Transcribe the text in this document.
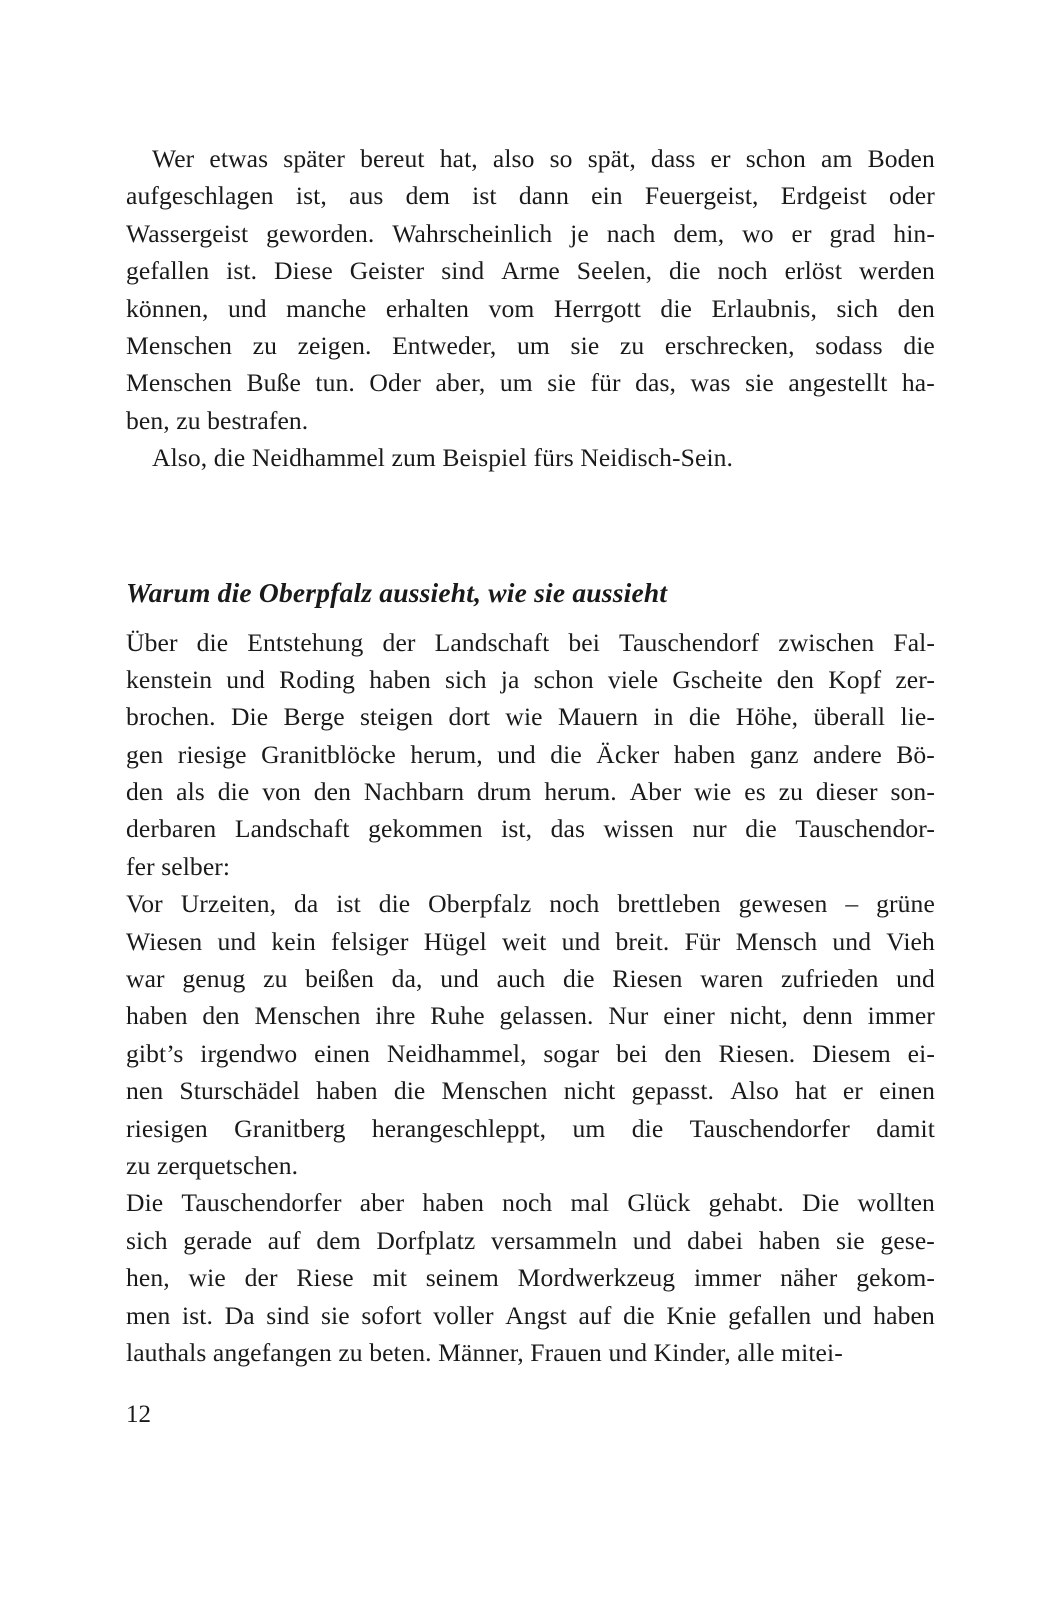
Wer etwas später bereut hat, also so spät, dass er schon am Boden
aufgeschlagen ist, aus dem ist dann ein Feuergeist, Erdgeist oder
Wassergeist geworden. Wahrscheinlich je nach dem, wo er grad hin-
gefallen ist. Diese Geister sind Arme Seelen, die noch erlöst werden
können, und manche erhalten vom Herrgott die Erlaubnis, sich den
Menschen zu zeigen. Entweder, um sie zu erschrecken, sodass die
Menschen Buße tun. Oder aber, um sie für das, was sie angestellt ha-
ben, zu bestrafen.
Also, die Neidhammel zum Beispiel fürs Neidisch-Sein.
Warum die Oberpfalz aussieht, wie sie aussieht
Über die Entstehung der Landschaft bei Tauschendorf zwischen Fal-
kenstein und Roding haben sich ja schon viele Gscheite den Kopf zer-
brochen. Die Berge steigen dort wie Mauern in die Höhe, überall lie-
gen riesige Granitblöcke herum, und die Äcker haben ganz andere Bö-
den als die von den Nachbarn drum herum. Aber wie es zu dieser son-
derbaren Landschaft gekommen ist, das wissen nur die Tauschendor-
fer selber:
Vor Urzeiten, da ist die Oberpfalz noch brettleben gewesen – grüne
Wiesen und kein felsiger Hügel weit und breit. Für Mensch und Vieh
war genug zu beißen da, und auch die Riesen waren zufrieden und
haben den Menschen ihre Ruhe gelassen. Nur einer nicht, denn immer
gibt’s irgendwo einen Neidhammel, sogar bei den Riesen. Diesem ei-
nen Sturschädel haben die Menschen nicht gepasst. Also hat er einen
riesigen Granitberg herangeschleppt, um die Tauschendorfer damit
zu zerquetschen.
Die Tauschendorfer aber haben noch mal Glück gehabt. Die wollten
sich gerade auf dem Dorfplatz versammeln und dabei haben sie gese-
hen, wie der Riese mit seinem Mordwerkzeug immer näher gekom-
men ist. Da sind sie sofort voller Angst auf die Knie gefallen und haben
lauthals angefangen zu beten. Männer, Frauen und Kinder, alle mitei-
12
